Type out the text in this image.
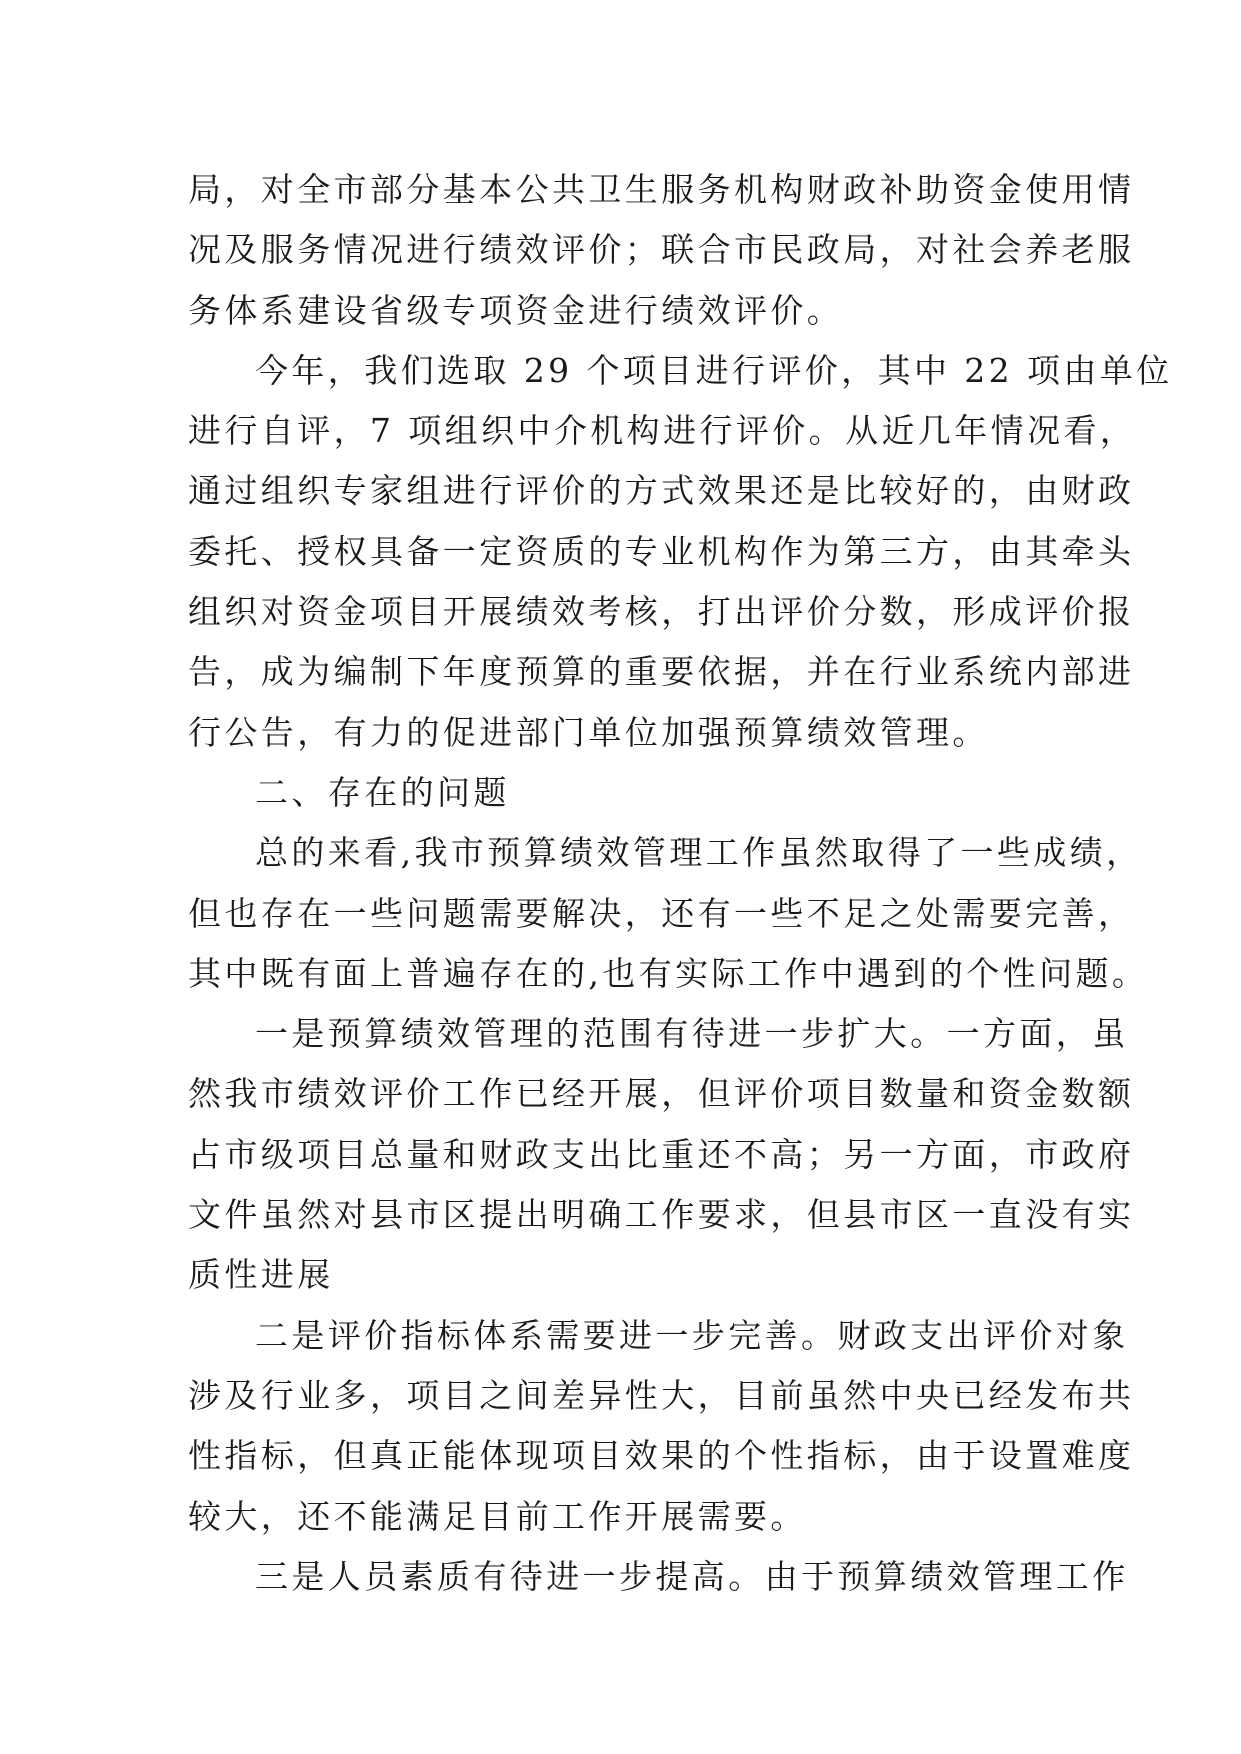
局，对全市部分基本公共卫生服务机构财政补助资金使用情
况及服务情况进行绩效评价；联合市民政局，对社会养老服
务体系建设省级专项资金进行绩效评价。
今年，我们选取 29 个项目进行评价，其中 22 项由单位
进行自评，7 项组织中介机构进行评价。从近几年情况看，
通过组织专家组进行评价的方式效果还是比较好的，由财政
委托、授权具备一定资质的专业机构作为第三方，由其牵头
组织对资金项目开展绩效考核，打出评价分数，形成评价报
告，成为编制下年度预算的重要依据，并在行业系统内部进
行公告，有力的促进部门单位加强预算绩效管理。
二、存在的问题
总的来看,我市预算绩效管理工作虽然取得了一些成绩，
但也存在一些问题需要解决，还有一些不足之处需要完善，
其中既有面上普遍存在的,也有实际工作中遇到的个性问题。
一是预算绩效管理的范围有待进一步扩大。一方面，虽
然我市绩效评价工作已经开展，但评价项目数量和资金数额
占市级项目总量和财政支出比重还不高；另一方面，市政府
文件虽然对县市区提出明确工作要求，但县市区一直没有实
质性进展
二是评价指标体系需要进一步完善。财政支出评价对象
涉及行业多，项目之间差异性大，目前虽然中央已经发布共
性指标，但真正能体现项目效果的个性指标，由于设置难度
较大，还不能满足目前工作开展需要。
三是人员素质有待进一步提高。由于预算绩效管理工作
